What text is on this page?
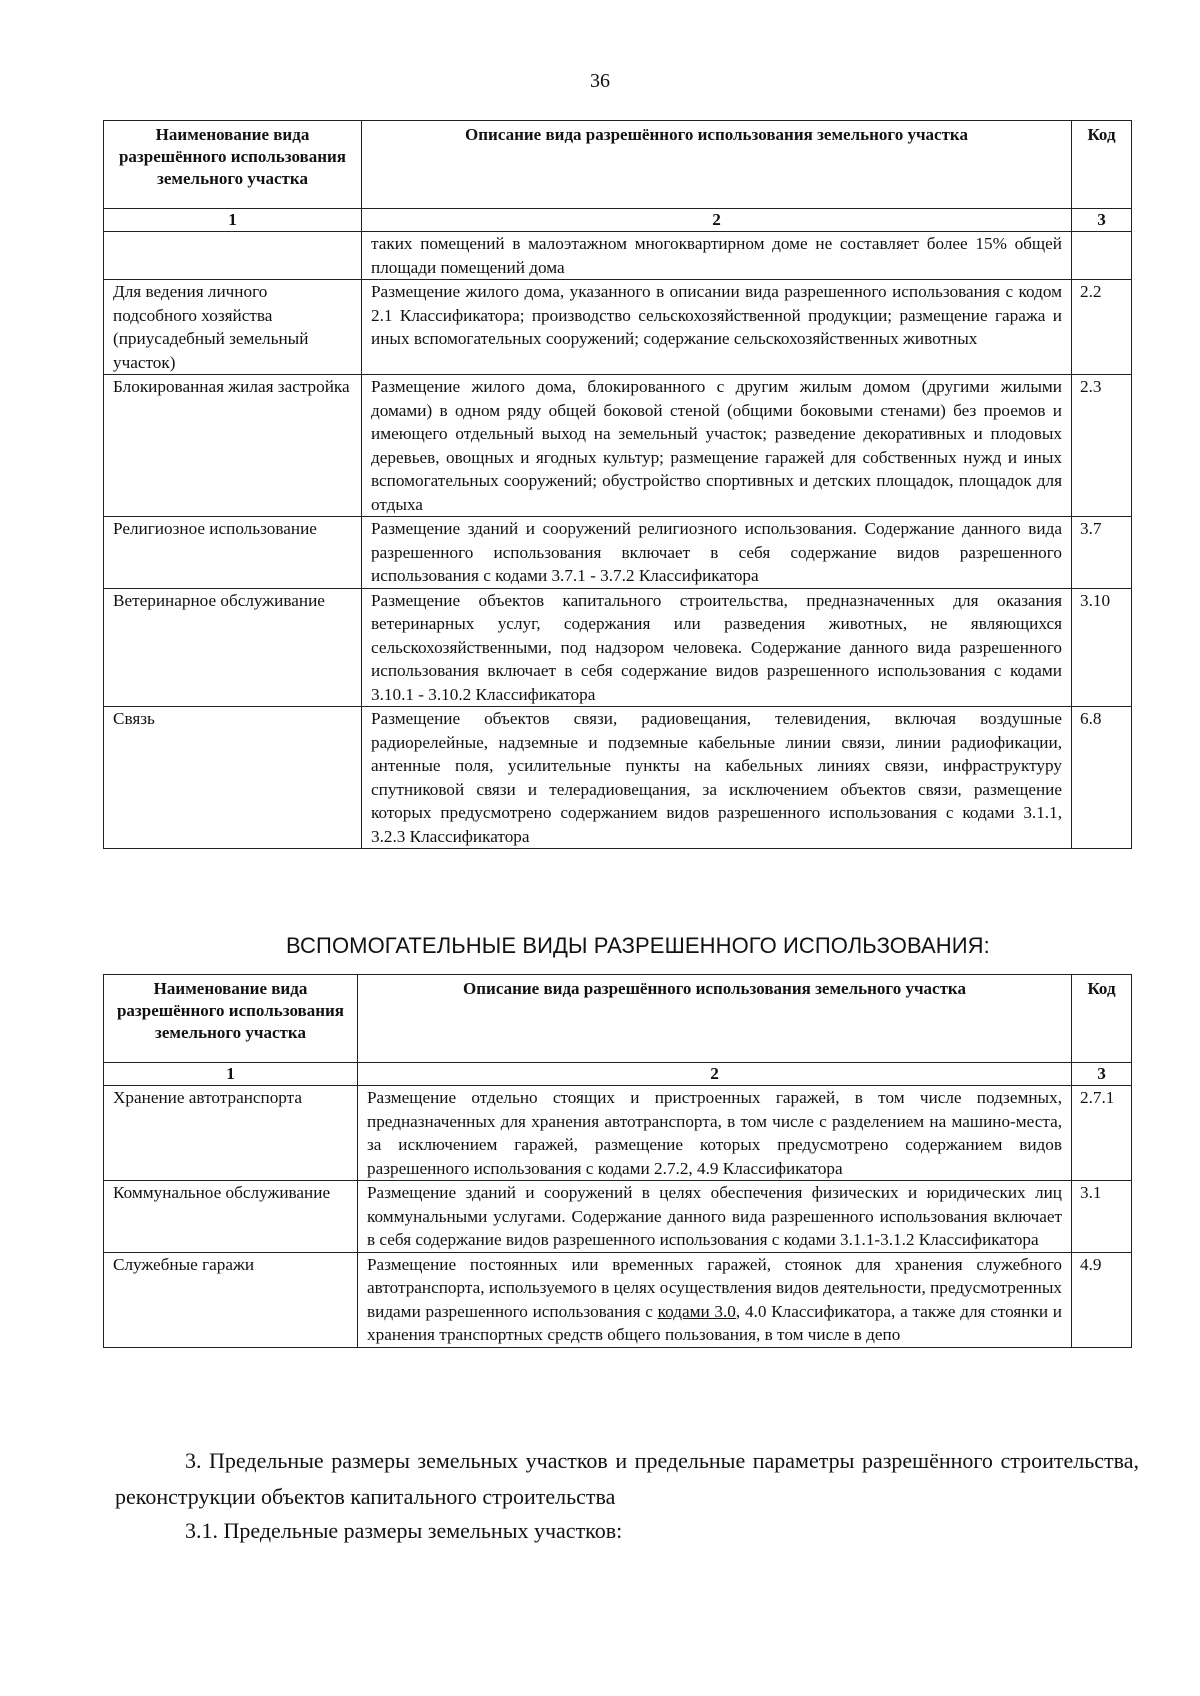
36
Наименование вида разрешённого использования земельного участка	Описание вида разрешённого использования земельного участка	Код
1	2	3
	таких помещений в малоэтажном многоквартирном доме не составляет более 15% общей площади помещений дома	
Для ведения личного подсобного хозяйства (приусадебный земельный участок)	Размещение жилого дома, указанного в описании вида разрешенного использования с кодом 2.1 Классификатора; производство сельскохозяйственной продукции; размещение гаража и иных вспомогательных сооружений; содержание сельскохозяйственных животных	2.2
Блокированная жилая застройка	Размещение жилого дома, блокированного с другим жилым домом (другими жилыми домами) в одном ряду общей боковой стеной (общими боковыми стенами) без проемов и имеющего отдельный выход на земельный участок; разведение декоративных и плодовых деревьев, овощных и ягодных культур; размещение гаражей для собственных нужд и иных вспомогательных сооружений; обустройство спортивных и детских площадок, площадок для отдыха	2.3
Религиозное использование	Размещение зданий и сооружений религиозного использования. Содержание данного вида разрешенного использования включает в себя содержание видов разрешенного использования с кодами 3.7.1 - 3.7.2 Классификатора	3.7
Ветеринарное обслуживание	Размещение объектов капитального строительства, предназначенных для оказания ветеринарных услуг, содержания или разведения животных, не являющихся сельскохозяйственными, под надзором человека. Содержание данного вида разрешенного использования включает в себя содержание видов разрешенного использования с кодами 3.10.1 - 3.10.2 Классификатора	3.10
Связь	Размещение объектов связи, радиовещания, телевидения, включая воздушные радиорелейные, надземные и подземные кабельные линии связи, линии радиофикации, антенные поля, усилительные пункты на кабельных линиях связи, инфраструктуру спутниковой связи и телерадиовещания, за исключением объектов связи, размещение которых предусмотрено содержанием видов разрешенного использования с кодами 3.1.1, 3.2.3 Классификатора	6.8
ВСПОМОГАТЕЛЬНЫЕ ВИДЫ РАЗРЕШЕННОГО ИСПОЛЬЗОВАНИЯ:
Наименование вида разрешённого использования земельного участка	Описание вида разрешённого использования земельного участка	Код
1	2	3
Хранение автотранспорта	Размещение отдельно стоящих и пристроенных гаражей, в том числе подземных, предназначенных для хранения автотранспорта, в том числе с разделением на машино-места, за исключением гаражей, размещение которых предусмотрено содержанием видов разрешенного использования с кодами 2.7.2, 4.9 Классификатора	2.7.1
Коммунальное обслуживание	Размещение зданий и сооружений в целях обеспечения физических и юридических лиц коммунальными услугами. Содержание данного вида разрешенного использования включает в себя содержание видов разрешенного использования с кодами 3.1.1-3.1.2 Классификатора	3.1
Служебные гаражи	Размещение постоянных или временных гаражей, стоянок для хранения служебного автотранспорта, используемого в целях осуществления видов деятельности, предусмотренных видами разрешенного использования с кодами 3.0, 4.0 Классификатора, а также для стоянки и хранения транспортных средств общего пользования, в том числе в депо	4.9
3. Предельные размеры земельных участков и предельные параметры разрешённого строительства, реконструкции объектов капитального строительства
3.1. Предельные размеры земельных участков:
